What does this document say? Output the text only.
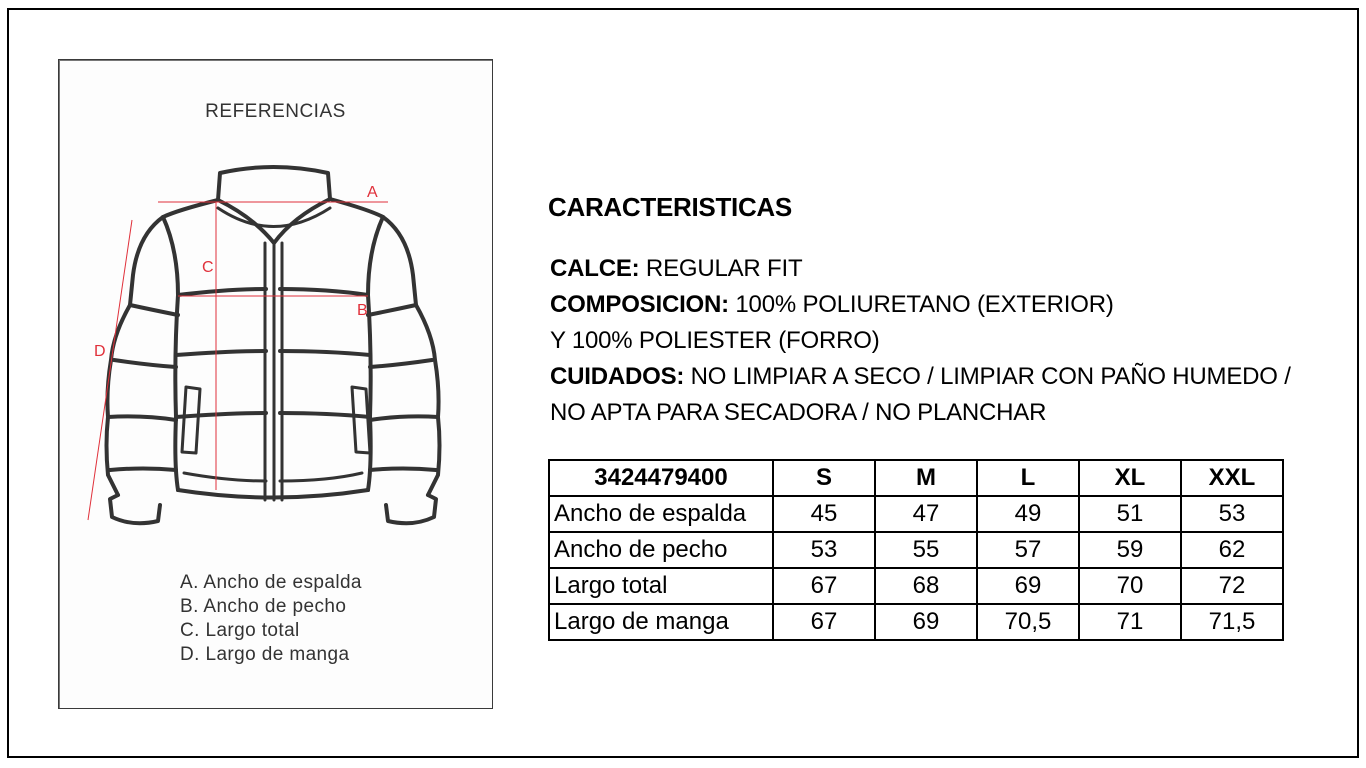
REFERENCIAS
A
B
C
D
A. Ancho de espalda
B. Ancho de pecho
C. Largo total
D. Largo de manga
CARACTERISTICAS
CALCE: REGULAR FIT
COMPOSICION: 100% POLIURETANO (EXTERIOR)
Y 100% POLIESTER (FORRO)
CUIDADOS: NO LIMPIAR A SECO / LIMPIAR CON PAÑO HUMEDO /
NO APTA PARA SECADORA / NO PLANCHAR
3424479400	S	M	L	XL	XXL
Ancho de espalda	45	47	49	51	53
Ancho de pecho	53	55	57	59	62
Largo total	67	68	69	70	72
Largo de manga	67	69	70,5	71	71,5
